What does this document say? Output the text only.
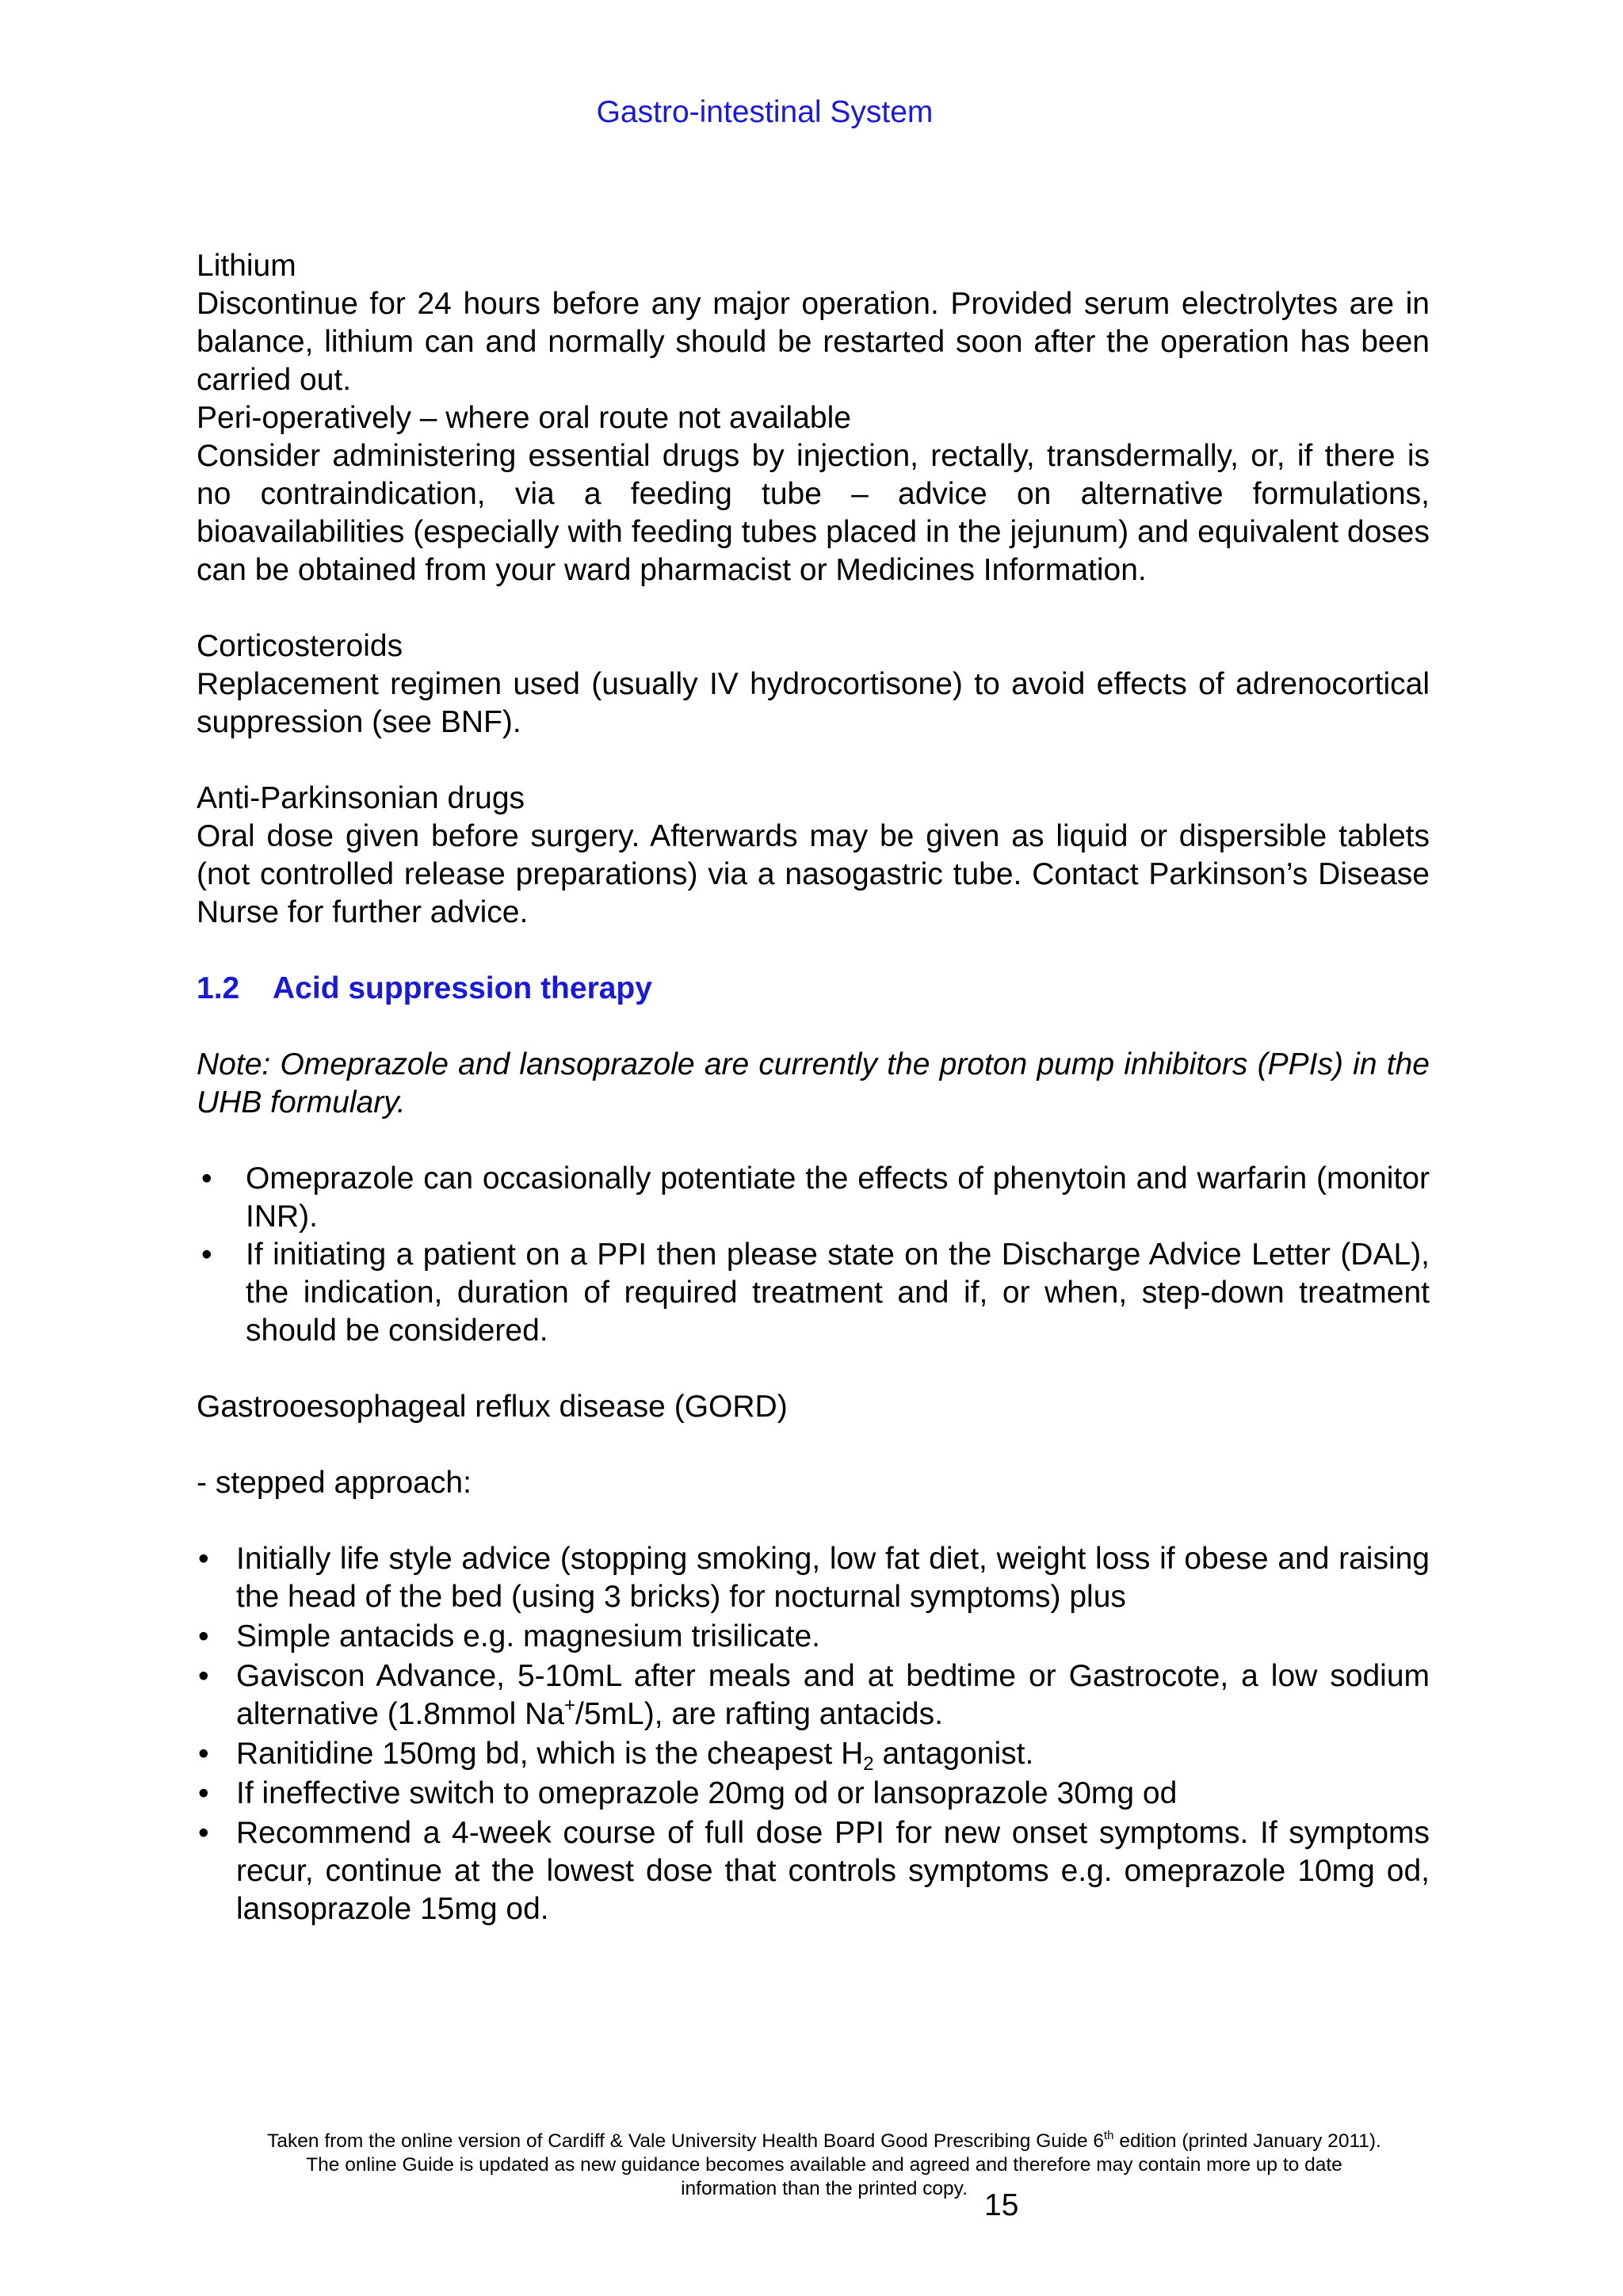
Gastro-intestinal System

Lithium

Discontinue for 24 hours before any major operation. Provided serum electrolytes are in balance, lithium can and normally should be restarted soon after the operation has been carried out.

Peri-operatively – where oral route not available

Consider administering essential drugs by injection, rectally, transdermally, or, if there is no contraindication, via a feeding tube – advice on alternative formulations, bioavailabilities (especially with feeding tubes placed in the jejunum) and equivalent doses can be obtained from your ward pharmacist or Medicines Information.

Corticosteroids

Replacement regimen used (usually IV hydrocortisone) to avoid effects of adrenocortical suppression (see BNF).

Anti-Parkinsonian drugs

Oral dose given before surgery. Afterwards may be given as liquid or dispersible tablets (not controlled release preparations) via a nasogastric tube. Contact Parkinson’s Disease Nurse for further advice.

1.2 Acid suppression therapy

Note: Omeprazole and lansoprazole are currently the proton pump inhibitors (PPIs) in the UHB formulary.

• Omeprazole can occasionally potentiate the effects of phenytoin and warfarin (monitor INR).
• If initiating a patient on a PPI then please state on the Discharge Advice Letter (DAL), the indication, duration of required treatment and if, or when, step-down treatment should be considered.

Gastrooesophageal reflux disease (GORD)

- stepped approach:

• Initially life style advice (stopping smoking, low fat diet, weight loss if obese and raising the head of the bed (using 3 bricks) for nocturnal symptoms) plus
• Simple antacids e.g. magnesium trisilicate.
• Gaviscon Advance, 5-10mL after meals and at bedtime or Gastrocote, a low sodium alternative (1.8mmol Na+/5mL), are rafting antacids.
• Ranitidine 150mg bd, which is the cheapest $H_2$ antagonist.
• If ineffective switch to omeprazole 20mg od or lansoprazole 30mg od
• Recommend a 4-week course of full dose PPI for new onset symptoms. If symptoms recur, continue at the lowest dose that controls symptoms e.g. omeprazole 10mg od, lansoprazole 15mg od.
Taken from the online version of Cardiff & Vale University Health Board Good Prescribing Guide 6th edition (printed January 2011).
The online Guide is updated as new guidance becomes available and agreed and therefore may contain more up to date
information than the printed copy. 15
